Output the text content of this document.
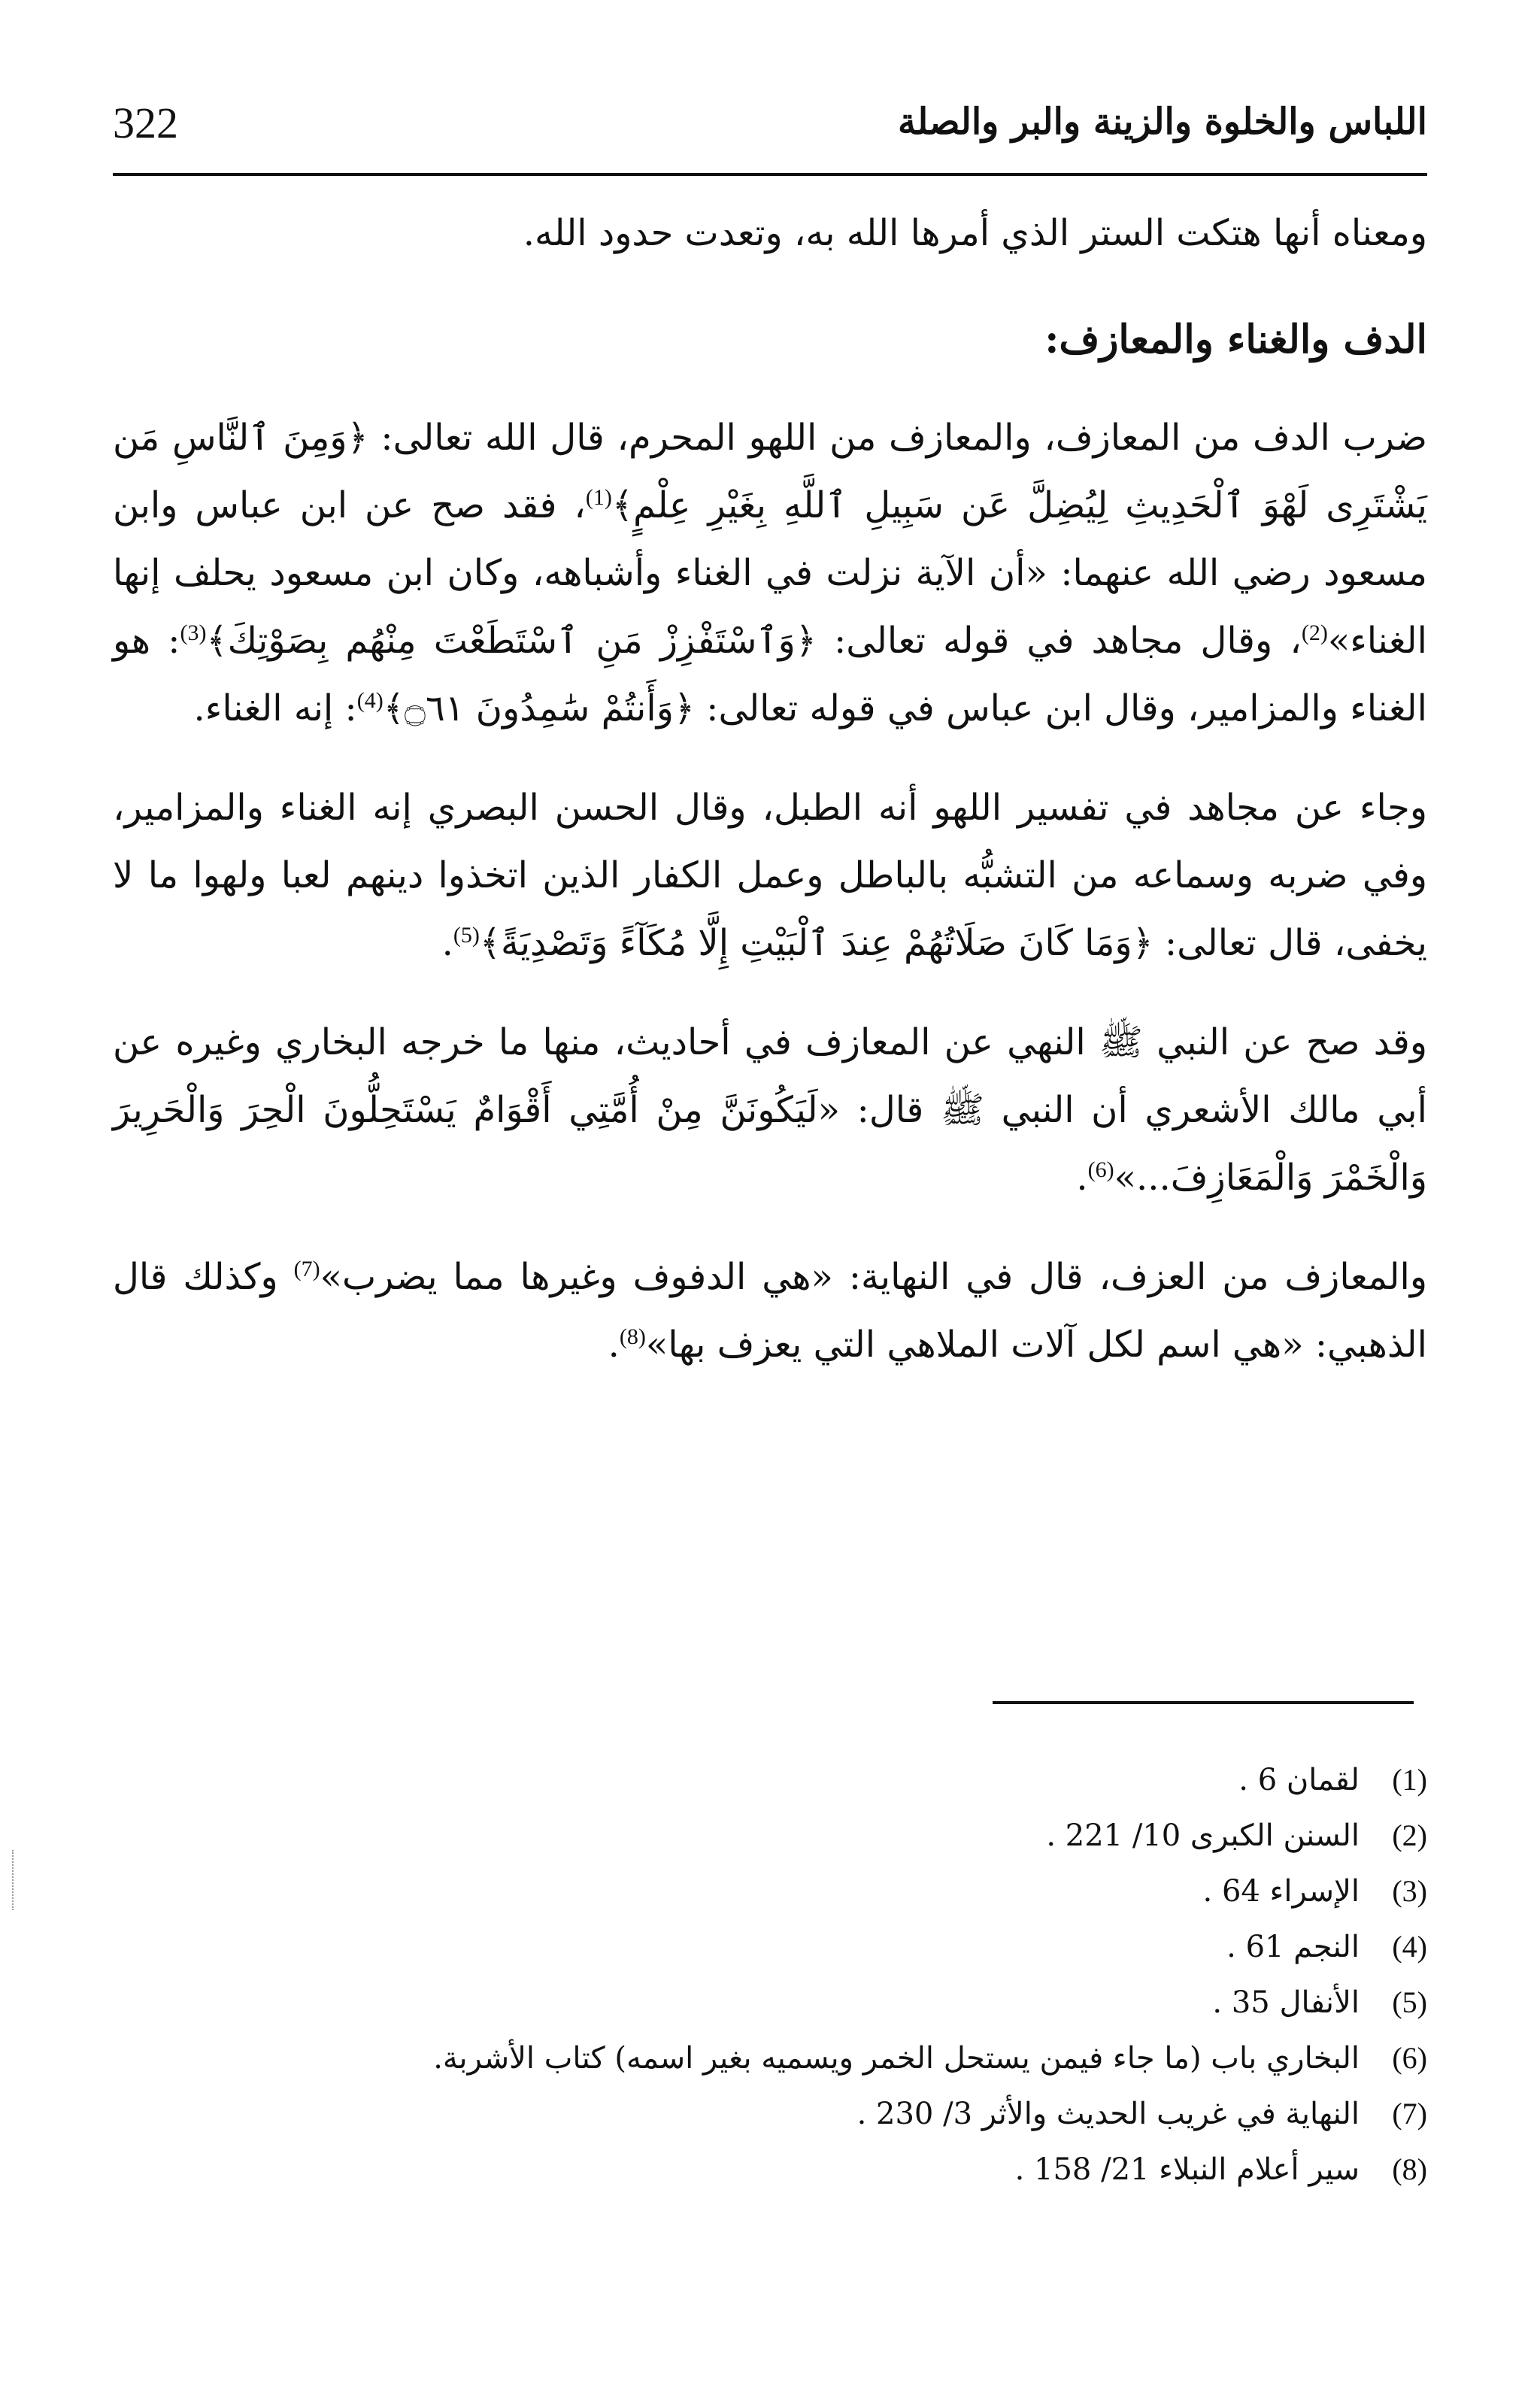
322	اللباس والخلوة والزينة والبر والصلة

ومعناه أنها هتكت الستر الذي أمرها الله به، وتعدت حدود الله.

الدف والغناء والمعازف:

ضرب الدف من المعازف، والمعازف من اللهو المحرم، قال الله تعالى: ﴿وَمِنَ ٱلنَّاسِ مَن يَشْتَرِى لَهْوَ ٱلْحَدِيثِ لِيُضِلَّ عَن سَبِيلِ ٱللَّهِ بِغَيْرِ عِلْمٍ﴾$^{(1)}$، فقد صح عن ابن عباس وابن مسعود رضي الله عنهما: «أن الآية نزلت في الغناء وأشباهه، وكان ابن مسعود يحلف إنها الغناء»$^{(2)}$، وقال مجاهد في قوله تعالى: ﴿وَٱسْتَفْزِزْ مَنِ ٱسْتَطَعْتَ مِنْهُم بِصَوْتِكَ﴾$^{(3)}$: هو الغناء والمزامير، وقال ابن عباس في قوله تعالى: ﴿وَأَنتُمْ سَٰمِدُونَ ۝٦١﴾$^{(4)}$: إنه الغناء.

وجاء عن مجاهد في تفسير اللهو أنه الطبل، وقال الحسن البصري إنه الغناء والمزامير، وفي ضربه وسماعه من التشبُّه بالباطل وعمل الكفار الذين اتخذوا دينهم لعبا ولهوا ما لا يخفى، قال تعالى: ﴿وَمَا كَانَ صَلَاتُهُمْ عِندَ ٱلْبَيْتِ إِلَّا مُكَآءً وَتَصْدِيَةً﴾$^{(5)}$.

وقد صح عن النبي ﷺ النهي عن المعازف في أحاديث، منها ما خرجه البخاري وغيره عن أبي مالك الأشعري أن النبي ﷺ قال: «لَيَكُونَنَّ مِنْ أُمَّتِي أَقْوَامٌ يَسْتَحِلُّونَ الْحِرَ وَالْحَرِيرَ وَالْخَمْرَ وَالْمَعَازِفَ...»$^{(6)}$.

والمعازف من العزف، قال في النهاية: «هي الدفوف وغيرها مما يضرب»$^{(7)}$ وكذلك قال الذهبي: «هي اسم لكل آلات الملاهي التي يعزف بها»$^{(8)}$.

(1)لقمان 6 .
(2)السنن الكبرى 10/ 221 .
(3)الإسراء 64 .
(4)النجم 61 .
(5)الأنفال 35 .
(6)البخاري باب (ما جاء فيمن يستحل الخمر ويسميه بغير اسمه) كتاب الأشربة.
(7)النهاية في غريب الحديث والأثر 3/ 230 .
(8)سير أعلام النبلاء 21/ 158 .
